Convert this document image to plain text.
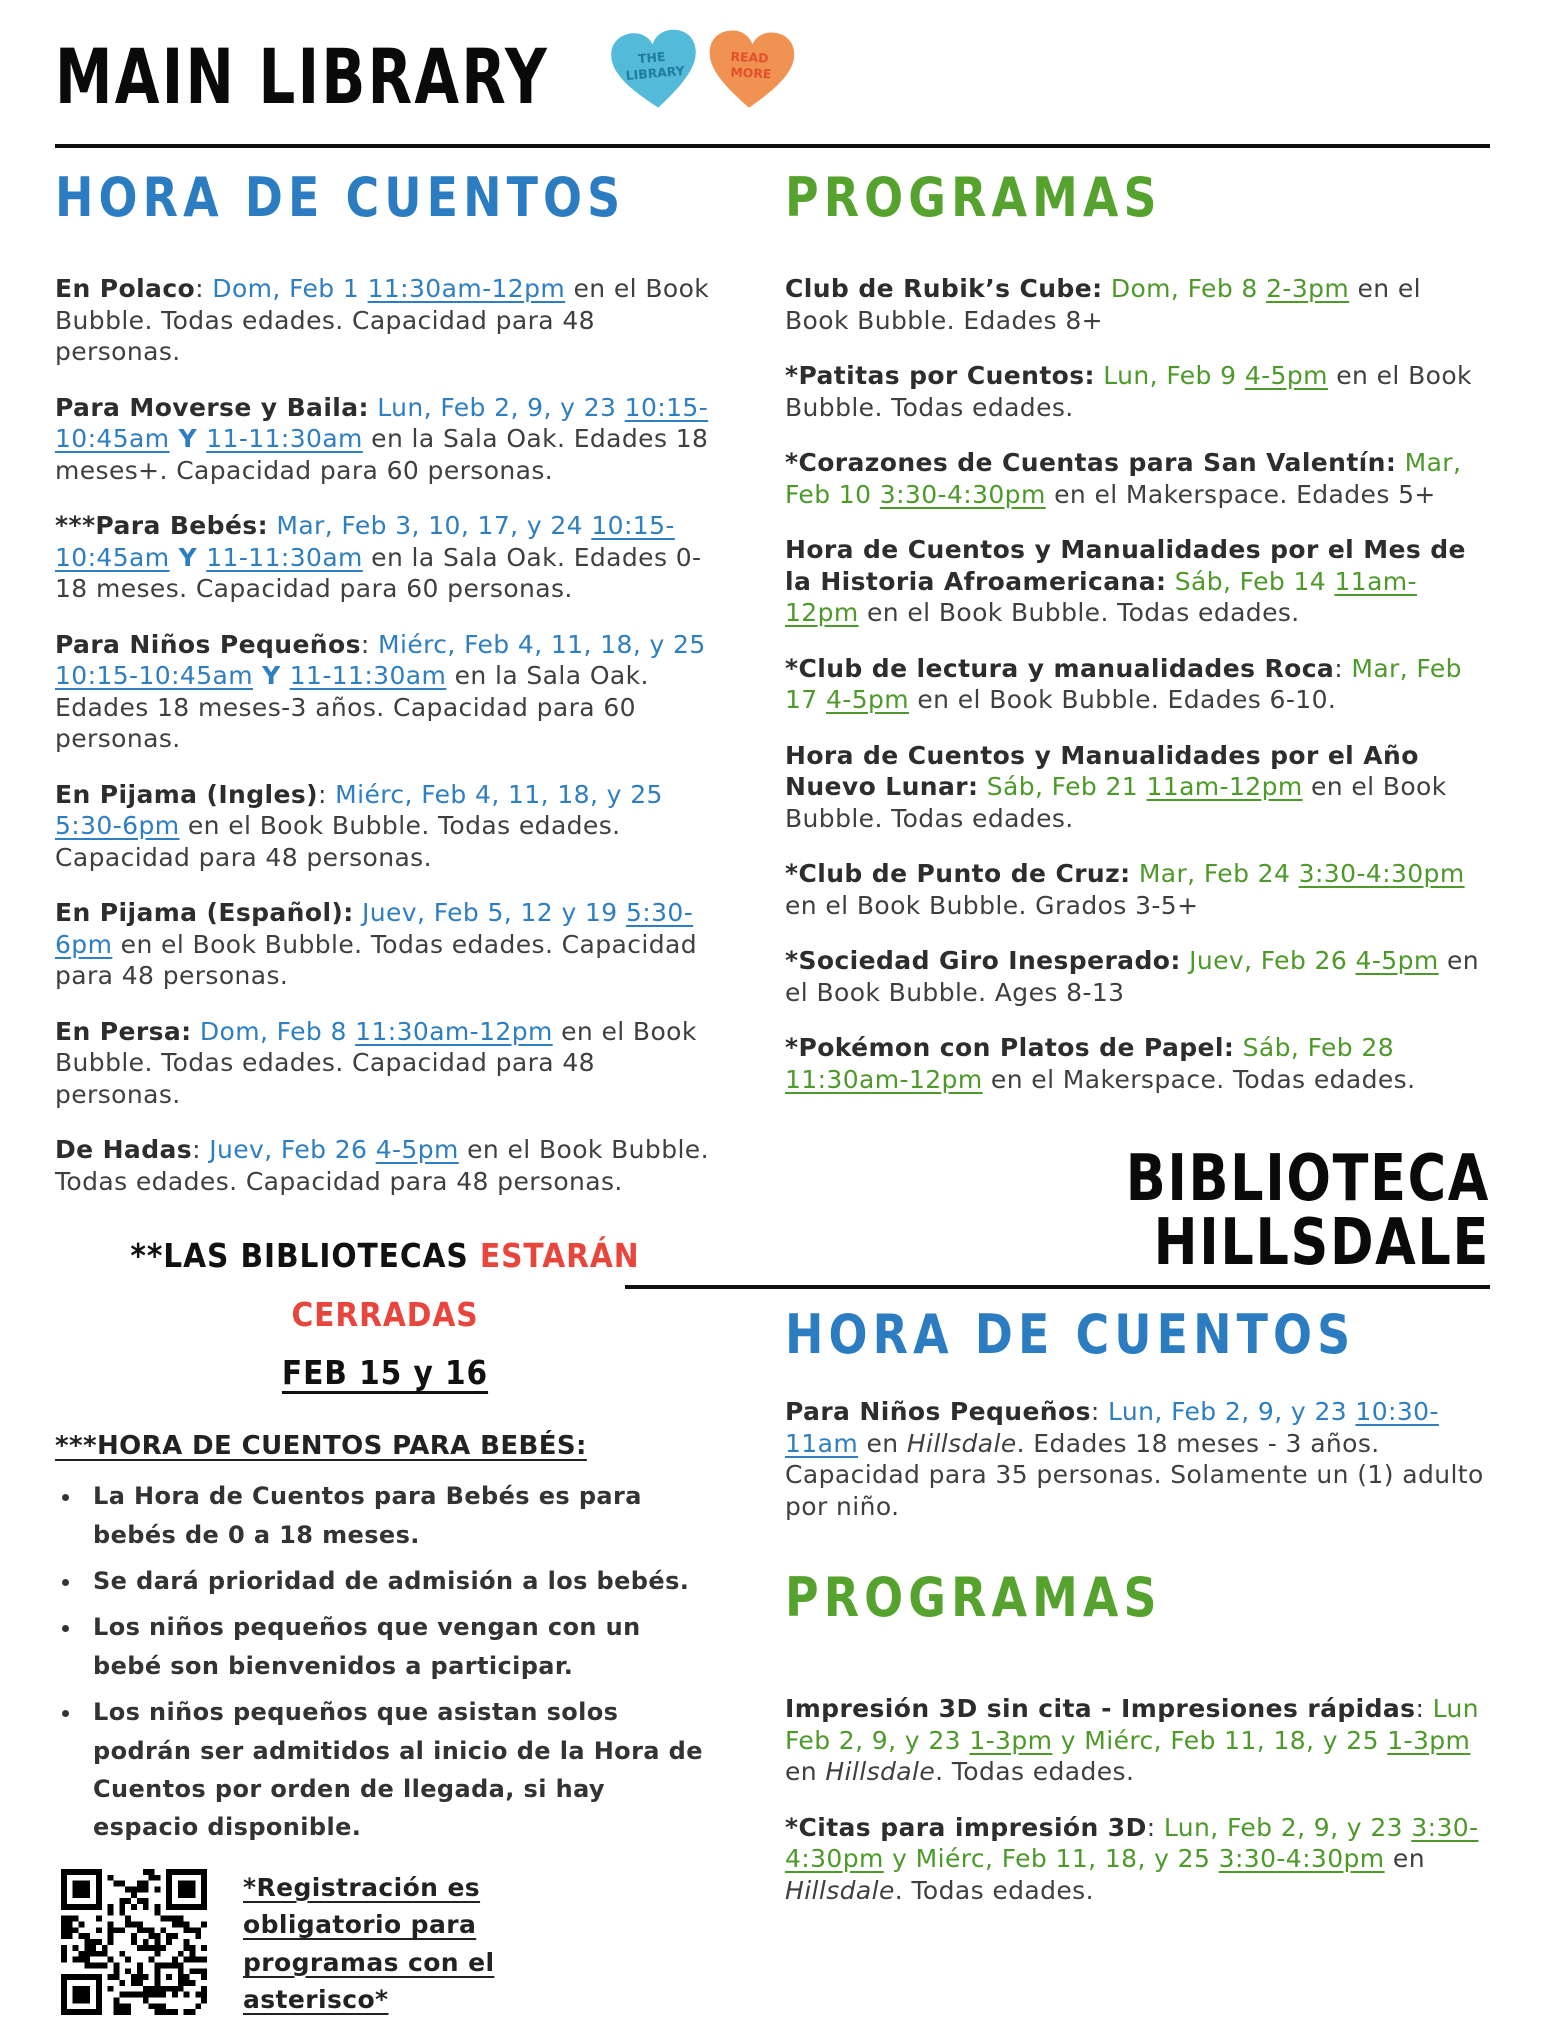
MAIN LIBRARY	THE LIBRARY
READ MORE
HORA DE CUENTOS

En Polaco: Dom, Feb 1 11:30am-12pm en el Book Bubble. Todas edades. Capacidad para 48 personas.

Para Moverse y Baila: Lun, Feb 2, 9, y 23 10:15-10:45am Y 11-11:30am en la Sala Oak. Edades 18 meses+. Capacidad para 60 personas.

***Para Bebés: Mar, Feb 3, 10, 17, y 24 10:15-10:45am Y 11-11:30am en la Sala Oak. Edades 0-18 meses. Capacidad para 60 personas.

Para Niños Pequeños: Miérc, Feb 4, 11, 18, y 25 10:15-10:45am Y 11-11:30am en la Sala Oak. Edades 18 meses-3 años. Capacidad para 60 personas.

En Pijama (Ingles): Miérc, Feb 4, 11, 18, y 25 5:30-6pm en el Book Bubble. Todas edades. Capacidad para 48 personas.

En Pijama (Español): Juev, Feb 5, 12 y 19 5:30-6pm en el Book Bubble. Todas edades. Capacidad para 48 personas.

En Persa: Dom, Feb 8 11:30am-12pm en el Book Bubble. Todas edades. Capacidad para 48 personas.

De Hadas: Juev, Feb 26 4-5pm en el Book Bubble. Todas edades. Capacidad para 48 personas.

**LAS BIBLIOTECAS ESTARÁN
CERRADAS
FEB 15 y 16
***HORA DE CUENTOS PARA BEBÉS:
• La Hora de Cuentos para Bebés es para bebés de 0 a 18 meses.
• Se dará prioridad de admisión a los bebés.
• Los niños pequeños que vengan con un bebé son bienvenidos a participar.
• Los niños pequeños que asistan solos podrán ser admitidos al inicio de la Hora de Cuentos por orden de llegada, si hay espacio disponible.
*Registración es obligatorio para programas con el asterisco*
PROGRAMAS

Club de Rubik’s Cube: Dom, Feb 8 2-3pm en el Book Bubble. Edades 8+

*Patitas por Cuentos: Lun, Feb 9 4-5pm en el Book Bubble. Todas edades.

*Corazones de Cuentas para San Valentín: Mar, Feb 10 3:30-4:30pm en el Makerspace. Edades 5+

Hora de Cuentos y Manualidades por el Mes de la Historia Afroamericana: Sáb, Feb 14 11am-12pm en el Book Bubble. Todas edades.

*Club de lectura y manualidades Roca: Mar, Feb 17 4-5pm en el Book Bubble. Edades 6-10.

Hora de Cuentos y Manualidades por el Año Nuevo Lunar: Sáb, Feb 21 11am-12pm en el Book Bubble. Todas edades.

*Club de Punto de Cruz: Mar, Feb 24 3:30-4:30pm en el Book Bubble. Grados 3-5+

*Sociedad Giro Inesperado: Juev, Feb 26 4-5pm en el Book Bubble. Ages 8-13

*Pokémon con Platos de Papel: Sáb, Feb 28 11:30am-12pm en el Makerspace. Todas edades.

BIBLIOTECA
HILLSDALE
HORA DE CUENTOS

Para Niños Pequeños: Lun, Feb 2, 9, y 23 10:30-11am en Hillsdale. Edades 18 meses - 3 años. Capacidad para 35 personas. Solamente un (1) adulto por niño.

PROGRAMAS

Impresión 3D sin cita - Impresiones rápidas: Lun Feb 2, 9, y 23 1-3pm y Miérc, Feb 11, 18, y 25 1-3pm en Hillsdale. Todas edades.

*Citas para impresión 3D: Lun, Feb 2, 9, y 23 3:30-4:30pm y Miérc, Feb 11, 18, y 25 3:30-4:30pm en Hillsdale. Todas edades.
